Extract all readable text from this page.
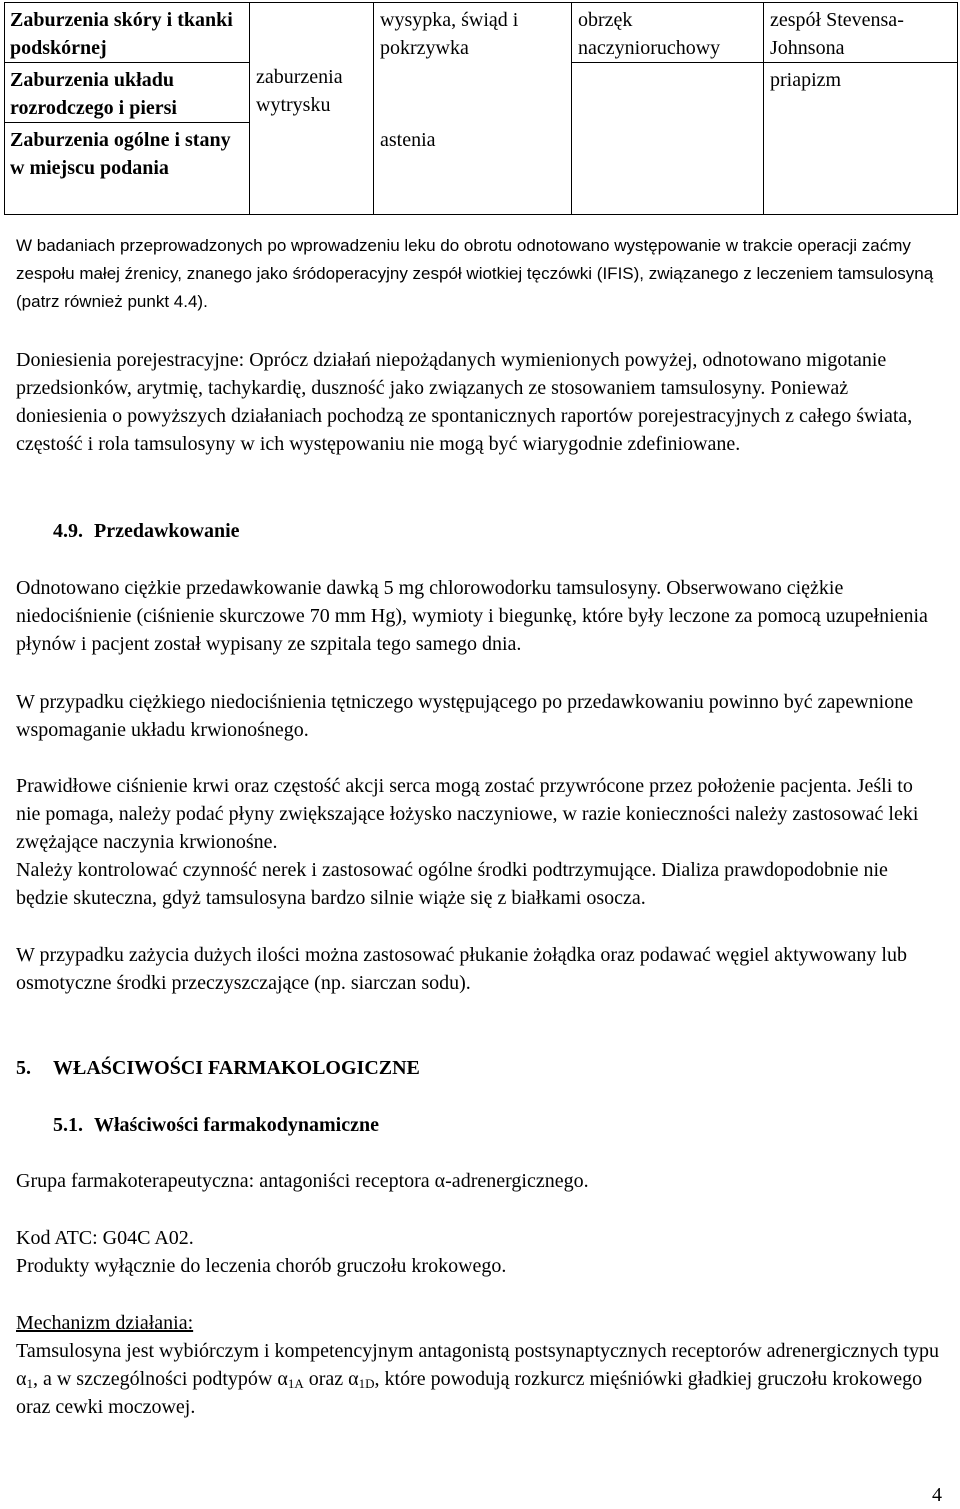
Zaburzenia skóry i tkanki podskórnej		wysypka, świąd i pokrzywka	obrzęk naczynioruchowy	zespół Stevensa-Johnsona
Zaburzenia układu rozrodczego i piersi	zaburzenia wytrysku			priapizm
Zaburzenia ogólne i stany w miejscu podania		astenia		

W badaniach przeprowadzonych po wprowadzeniu leku do obrotu odnotowano występowanie w trakcie operacji zaćmy zespołu małej źrenicy, znanego jako śródoperacyjny zespół wiotkiej tęczówki (IFIS), związanego z leczeniem tamsulosyną (patrz również punkt 4.4).

Doniesienia porejestracyjne: Oprócz działań niepożądanych wymienionych powyżej, odnotowano migotanie przedsionków, arytmię, tachykardię, duszność jako związanych ze stosowaniem tamsulosyny. Ponieważ doniesienia o powyższych działaniach pochodzą ze spontanicznych raportów porejestracyjnych z całego świata, częstość i rola tamsulosyny w ich występowaniu nie mogą być wiarygodnie zdefiniowane.

4.9. Przedawkowanie

Odnotowano ciężkie przedawkowanie dawką 5 mg chlorowodorku tamsulosyny. Obserwowano ciężkie niedociśnienie (ciśnienie skurczowe 70 mm Hg), wymioty i biegunkę, które były leczone za pomocą uzupełnienia płynów i pacjent został wypisany ze szpitala tego samego dnia.

W przypadku ciężkiego niedociśnienia tętniczego występującego po przedawkowaniu powinno być zapewnione wspomaganie układu krwionośnego.

Prawidłowe ciśnienie krwi oraz częstość akcji serca mogą zostać przywrócone przez położenie pacjenta. Jeśli to nie pomaga, należy podać płyny zwiększające łożysko naczyniowe, w razie konieczności należy zastosować leki zwężające naczynia krwionośne.

Należy kontrolować czynność nerek i zastosować ogólne środki podtrzymujące. Dializa prawdopodobnie nie będzie skuteczna, gdyż tamsulosyna bardzo silnie wiąże się z białkami osocza.

W przypadku zażycia dużych ilości można zastosować płukanie żołądka oraz podawać węgiel aktywowany lub osmotyczne środki przeczyszczające (np. siarczan sodu).

5. WŁAŚCIWOŚCI FARMAKOLOGICZNE
5.1. Właściwości farmakodynamiczne

Grupa farmakoterapeutyczna: antagoniści receptora α-adrenergicznego.

Kod ATC: G04C A02.

Produkty wyłącznie do leczenia chorób gruczołu krokowego.

Mechanizm działania:

Tamsulosyna jest wybiórczym i kompetencyjnym antagonistą postsynaptycznych receptorów adrenergicznych typu $\alpha_1$, a w szczególności podtypów $\alpha_{1A}$ oraz $\alpha_{1D}$, które powodują rozkurcz mięśniówki gładkiej gruczołu krokowego oraz cewki moczowej.

4
